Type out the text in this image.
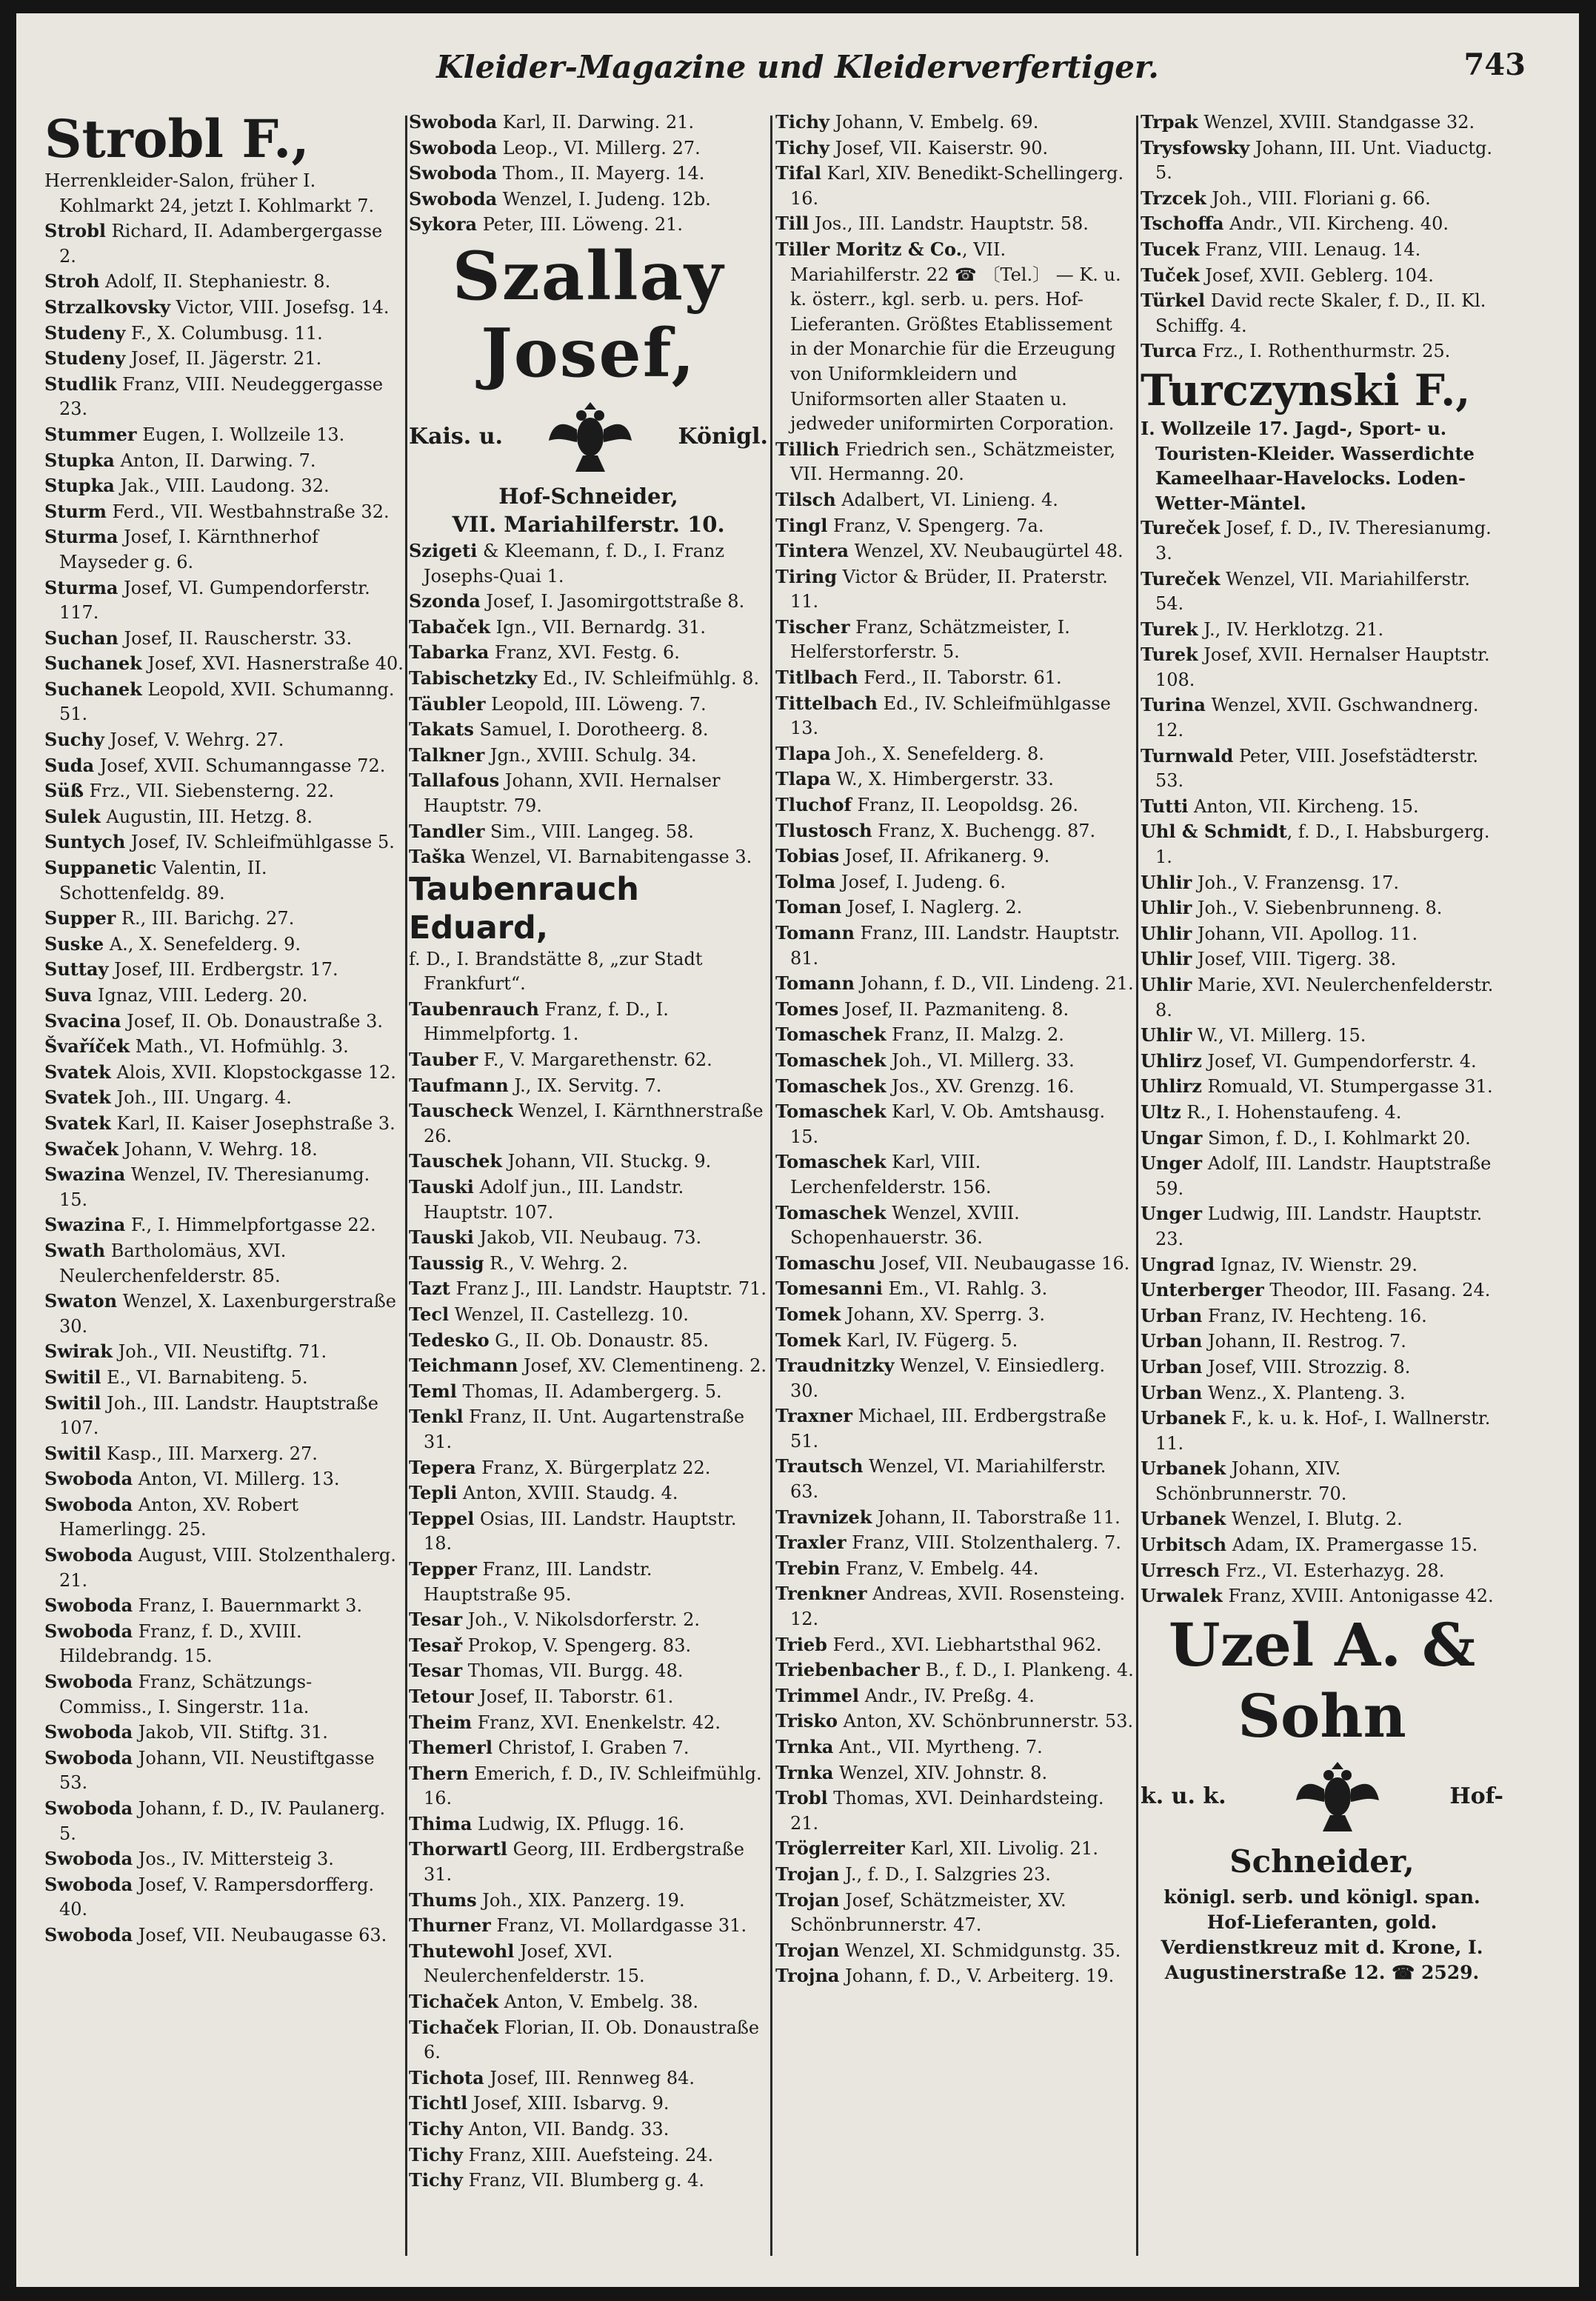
Kleider-Magazine und Kleiderverfertiger.	743
Strobl F.,

Herrenkleider-Salon, früher I. Kohlmarkt 24, jetzt I. Kohlmarkt 7.

Strobl Richard, II. Adambergergasse 2.

Stroh Adolf, II. Stephaniestr. 8.

Strzalkovsky Victor, VIII. Josefsg. 14.

Studeny F., X. Columbusg. 11.

Studeny Josef, II. Jägerstr. 21.

Studlik Franz, VIII. Neudeggergasse 23.

Stummer Eugen, I. Wollzeile 13.

Stupka Anton, II. Darwing. 7.

Stupka Jak., VIII. Laudong. 32.

Sturm Ferd., VII. Westbahnstraße 32.

Sturma Josef, I. Kärnthnerhof Mayseder g. 6.

Sturma Josef, VI. Gumpendorferstr. 117.

Suchan Josef, II. Rauscherstr. 33.

Suchanek Josef, XVI. Hasnerstraße 40.

Suchanek Leopold, XVII. Schumanng. 51.

Suchy Josef, V. Wehrg. 27.

Suda Josef, XVII. Schumanngasse 72.

Süß Frz., VII. Siebensterng. 22.

Sulek Augustin, III. Hetzg. 8.

Suntych Josef, IV. Schleifmühlgasse 5.

Suppanetic Valentin, II. Schottenfeldg. 89.

Supper R., III. Barichg. 27.

Suske A., X. Senefelderg. 9.

Suttay Josef, III. Erdbergstr. 17.

Suva Ignaz, VIII. Lederg. 20.

Svacina Josef, II. Ob. Donaustraße 3.

Švaříček Math., VI. Hofmühlg. 3.

Svatek Alois, XVII. Klopstockgasse 12.

Svatek Joh., III. Ungarg. 4.

Svatek Karl, II. Kaiser Josephstraße 3.

Swaček Johann, V. Wehrg. 18.

Swazina Wenzel, IV. Theresianumg. 15.

Swazina F., I. Himmelpfortgasse 22.

Swath Bartholomäus, XVI. Neulerchenfelderstr. 85.

Swaton Wenzel, X. Laxenburgerstraße 30.

Swirak Joh., VII. Neustiftg. 71.

Switil E., VI. Barnabiteng. 5.

Switil Joh., III. Landstr. Hauptstraße 107.

Switil Kasp., III. Marxerg. 27.

Swoboda Anton, VI. Millerg. 13.

Swoboda Anton, XV. Robert Hamerlingg. 25.

Swoboda August, VIII. Stolzenthalerg. 21.

Swoboda Franz, I. Bauernmarkt 3.

Swoboda Franz, f. D., XVIII. Hildebrandg. 15.

Swoboda Franz, Schätzungs-Commiss., I. Singerstr. 11a.

Swoboda Jakob, VII. Stiftg. 31.

Swoboda Johann, VII. Neustiftgasse 53.

Swoboda Johann, f. D., IV. Paulanerg. 5.

Swoboda Jos., IV. Mittersteig 3.

Swoboda Josef, V. Rampersdorfferg. 40.

Swoboda Josef, VII. Neubaugasse 63.

Swoboda Karl, II. Darwing. 21.

Swoboda Leop., VI. Millerg. 27.

Swoboda Thom., II. Mayerg. 14.

Swoboda Wenzel, I. Judeng. 12b.

Sykora Peter, III. Löweng. 21.

Szallay Josef,
Kais. u.	Königl.
Hof-Schneider,
VII. Mariahilferstr. 10.

Szigeti & Kleemann, f. D., I. Franz Josephs-Quai 1.

Szonda Josef, I. Jasomirgottstraße 8.

Tabaček Ign., VII. Bernardg. 31.

Tabarka Franz, XVI. Festg. 6.

Tabischetzky Ed., IV. Schleifmühlg. 8.

Täubler Leopold, III. Löweng. 7.

Takats Samuel, I. Dorotheerg. 8.

Talkner Jgn., XVIII. Schulg. 34.

Tallafous Johann, XVII. Hernalser Hauptstr. 79.

Tandler Sim., VIII. Langeg. 58.

Taška Wenzel, VI. Barnabitengasse 3.

Taubenrauch Eduard,

f. D., I. Brandstätte 8, „zur Stadt Frankfurt“.

Taubenrauch Franz, f. D., I. Himmelpfortg. 1.

Tauber F., V. Margarethenstr. 62.

Taufmann J., IX. Servitg. 7.

Tauscheck Wenzel, I. Kärnthnerstraße 26.

Tauschek Johann, VII. Stuckg. 9.

Tauski Adolf jun., III. Landstr. Hauptstr. 107.

Tauski Jakob, VII. Neubaug. 73.

Taussig R., V. Wehrg. 2.

Tazt Franz J., III. Landstr. Hauptstr. 71.

Tecl Wenzel, II. Castellezg. 10.

Tedesko G., II. Ob. Donaustr. 85.

Teichmann Josef, XV. Clementineng. 2.

Teml Thomas, II. Adambergerg. 5.

Tenkl Franz, II. Unt. Augartenstraße 31.

Tepera Franz, X. Bürgerplatz 22.

Tepli Anton, XVIII. Staudg. 4.

Teppel Osias, III. Landstr. Hauptstr. 18.

Tepper Franz, III. Landstr. Hauptstraße 95.

Tesar Joh., V. Nikolsdorferstr. 2.

Tesař Prokop, V. Spengerg. 83.

Tesar Thomas, VII. Burgg. 48.

Tetour Josef, II. Taborstr. 61.

Theim Franz, XVI. Enenkelstr. 42.

Themerl Christof, I. Graben 7.

Thern Emerich, f. D., IV. Schleifmühlg. 16.

Thima Ludwig, IX. Pflugg. 16.

Thorwartl Georg, III. Erdbergstraße 31.

Thums Joh., XIX. Panzerg. 19.

Thurner Franz, VI. Mollardgasse 31.

Thutewohl Josef, XVI. Neulerchenfelderstr. 15.

Tichaček Anton, V. Embelg. 38.

Tichaček Florian, II. Ob. Donaustraße 6.

Tichota Josef, III. Rennweg 84.

Tichtl Josef, XIII. Isbarvg. 9.

Tichy Anton, VII. Bandg. 33.

Tichy Franz, XIII. Auefsteing. 24.

Tichy Franz, VII. Blumberg g. 4.

Tichy Johann, V. Embelg. 69.

Tichy Josef, VII. Kaiserstr. 90.

Tifal Karl, XIV. Benedikt-Schellingerg. 16.

Till Jos., III. Landstr. Hauptstr. 58.

Tiller Moritz & Co., VII. Mariahilferstr. 22 ☎ 〔Tel.〕 — K. u. k. österr., kgl. serb. u. pers. Hof-Lieferanten. Größtes Etablissement in der Monarchie für die Erzeugung von Uniformkleidern und Uniformsorten aller Staaten u. jedweder uniformirten Corporation.

Tillich Friedrich sen., Schätzmeister, VII. Hermanng. 20.

Tilsch Adalbert, VI. Linieng. 4.

Tingl Franz, V. Spengerg. 7a.

Tintera Wenzel, XV. Neubaugürtel 48.

Tiring Victor & Brüder, II. Praterstr. 11.

Tischer Franz, Schätzmeister, I. Helferstorferstr. 5.

Titlbach Ferd., II. Taborstr. 61.

Tittelbach Ed., IV. Schleifmühlgasse 13.

Tlapa Joh., X. Senefelderg. 8.

Tlapa W., X. Himbergerstr. 33.

Tluchof Franz, II. Leopoldsg. 26.

Tlustosch Franz, X. Buchengg. 87.

Tobias Josef, II. Afrikanerg. 9.

Tolma Josef, I. Judeng. 6.

Toman Josef, I. Naglerg. 2.

Tomann Franz, III. Landstr. Hauptstr. 81.

Tomann Johann, f. D., VII. Lindeng. 21.

Tomes Josef, II. Pazmaniteng. 8.

Tomaschek Franz, II. Malzg. 2.

Tomaschek Joh., VI. Millerg. 33.

Tomaschek Jos., XV. Grenzg. 16.

Tomaschek Karl, V. Ob. Amtshausg. 15.

Tomaschek Karl, VIII. Lerchenfelderstr. 156.

Tomaschek Wenzel, XVIII. Schopenhauerstr. 36.

Tomaschu Josef, VII. Neubaugasse 16.

Tomesanni Em., VI. Rahlg. 3.

Tomek Johann, XV. Sperrg. 3.

Tomek Karl, IV. Fügerg. 5.

Traudnitzky Wenzel, V. Einsiedlerg. 30.

Traxner Michael, III. Erdbergstraße 51.

Trautsch Wenzel, VI. Mariahilferstr. 63.

Travnizek Johann, II. Taborstraße 11.

Traxler Franz, VIII. Stolzenthalerg. 7.

Trebin Franz, V. Embelg. 44.

Trenkner Andreas, XVII. Rosensteing. 12.

Trieb Ferd., XVI. Liebhartsthal 962.

Triebenbacher B., f. D., I. Plankeng. 4.

Trimmel Andr., IV. Preßg. 4.

Trisko Anton, XV. Schönbrunnerstr. 53.

Trnka Ant., VII. Myrtheng. 7.

Trnka Wenzel, XIV. Johnstr. 8.

Trobl Thomas, XVI. Deinhardsteing. 21.

Tröglerreiter Karl, XII. Livolig. 21.

Trojan J., f. D., I. Salzgries 23.

Trojan Josef, Schätzmeister, XV. Schönbrunnerstr. 47.

Trojan Wenzel, XI. Schmidgunstg. 35.

Trojna Johann, f. D., V. Arbeiterg. 19.

Trpak Wenzel, XVIII. Standgasse 32.

Trysfowsky Johann, III. Unt. Viaductg. 5.

Trzcek Joh., VIII. Floriani g. 66.

Tschoffa Andr., VII. Kircheng. 40.

Tucek Franz, VIII. Lenaug. 14.

Tuček Josef, XVII. Geblerg. 104.

Türkel David recte Skaler, f. D., II. Kl. Schiffg. 4.

Turca Frz., I. Rothenthurmstr. 25.

Turczynski F.,

I. Wollzeile 17. Jagd-, Sport- u. Touristen-Kleider. Wasserdichte Kameelhaar-Havelocks. Loden-Wetter-Mäntel.

Tureček Josef, f. D., IV. Theresianumg. 3.

Tureček Wenzel, VII. Mariahilferstr. 54.

Turek J., IV. Herklotzg. 21.

Turek Josef, XVII. Hernalser Hauptstr. 108.

Turina Wenzel, XVII. Gschwandnerg. 12.

Turnwald Peter, VIII. Josefstädterstr. 53.

Tutti Anton, VII. Kircheng. 15.

Uhl & Schmidt, f. D., I. Habsburgerg. 1.

Uhlir Joh., V. Franzensg. 17.

Uhlir Joh., V. Siebenbrunneng. 8.

Uhlir Johann, VII. Apollog. 11.

Uhlir Josef, VIII. Tigerg. 38.

Uhlir Marie, XVI. Neulerchenfelderstr. 8.

Uhlir W., VI. Millerg. 15.

Uhlirz Josef, VI. Gumpendorferstr. 4.

Uhlirz Romuald, VI. Stumpergasse 31.

Ultz R., I. Hohenstaufeng. 4.

Ungar Simon, f. D., I. Kohlmarkt 20.

Unger Adolf, III. Landstr. Hauptstraße 59.

Unger Ludwig, III. Landstr. Hauptstr. 23.

Ungrad Ignaz, IV. Wienstr. 29.

Unterberger Theodor, III. Fasang. 24.

Urban Franz, IV. Hechteng. 16.

Urban Johann, II. Restrog. 7.

Urban Josef, VIII. Strozzig. 8.

Urban Wenz., X. Planteng. 3.

Urbanek F., k. u. k. Hof-, I. Wallnerstr. 11.

Urbanek Johann, XIV. Schönbrunnerstr. 70.

Urbanek Wenzel, I. Blutg. 2.

Urbitsch Adam, IX. Pramergasse 15.

Urresch Frz., VI. Esterhazyg. 28.

Urwalek Franz, XVIII. Antonigasse 42.

Uzel A. & Sohn
k. u. k.	Hof-
Schneider,
königl. serb. und königl. span. Hof-Lieferanten, gold. Verdienstkreuz mit d. Krone, I. Augustinerstraße 12. ☎ 2529.
